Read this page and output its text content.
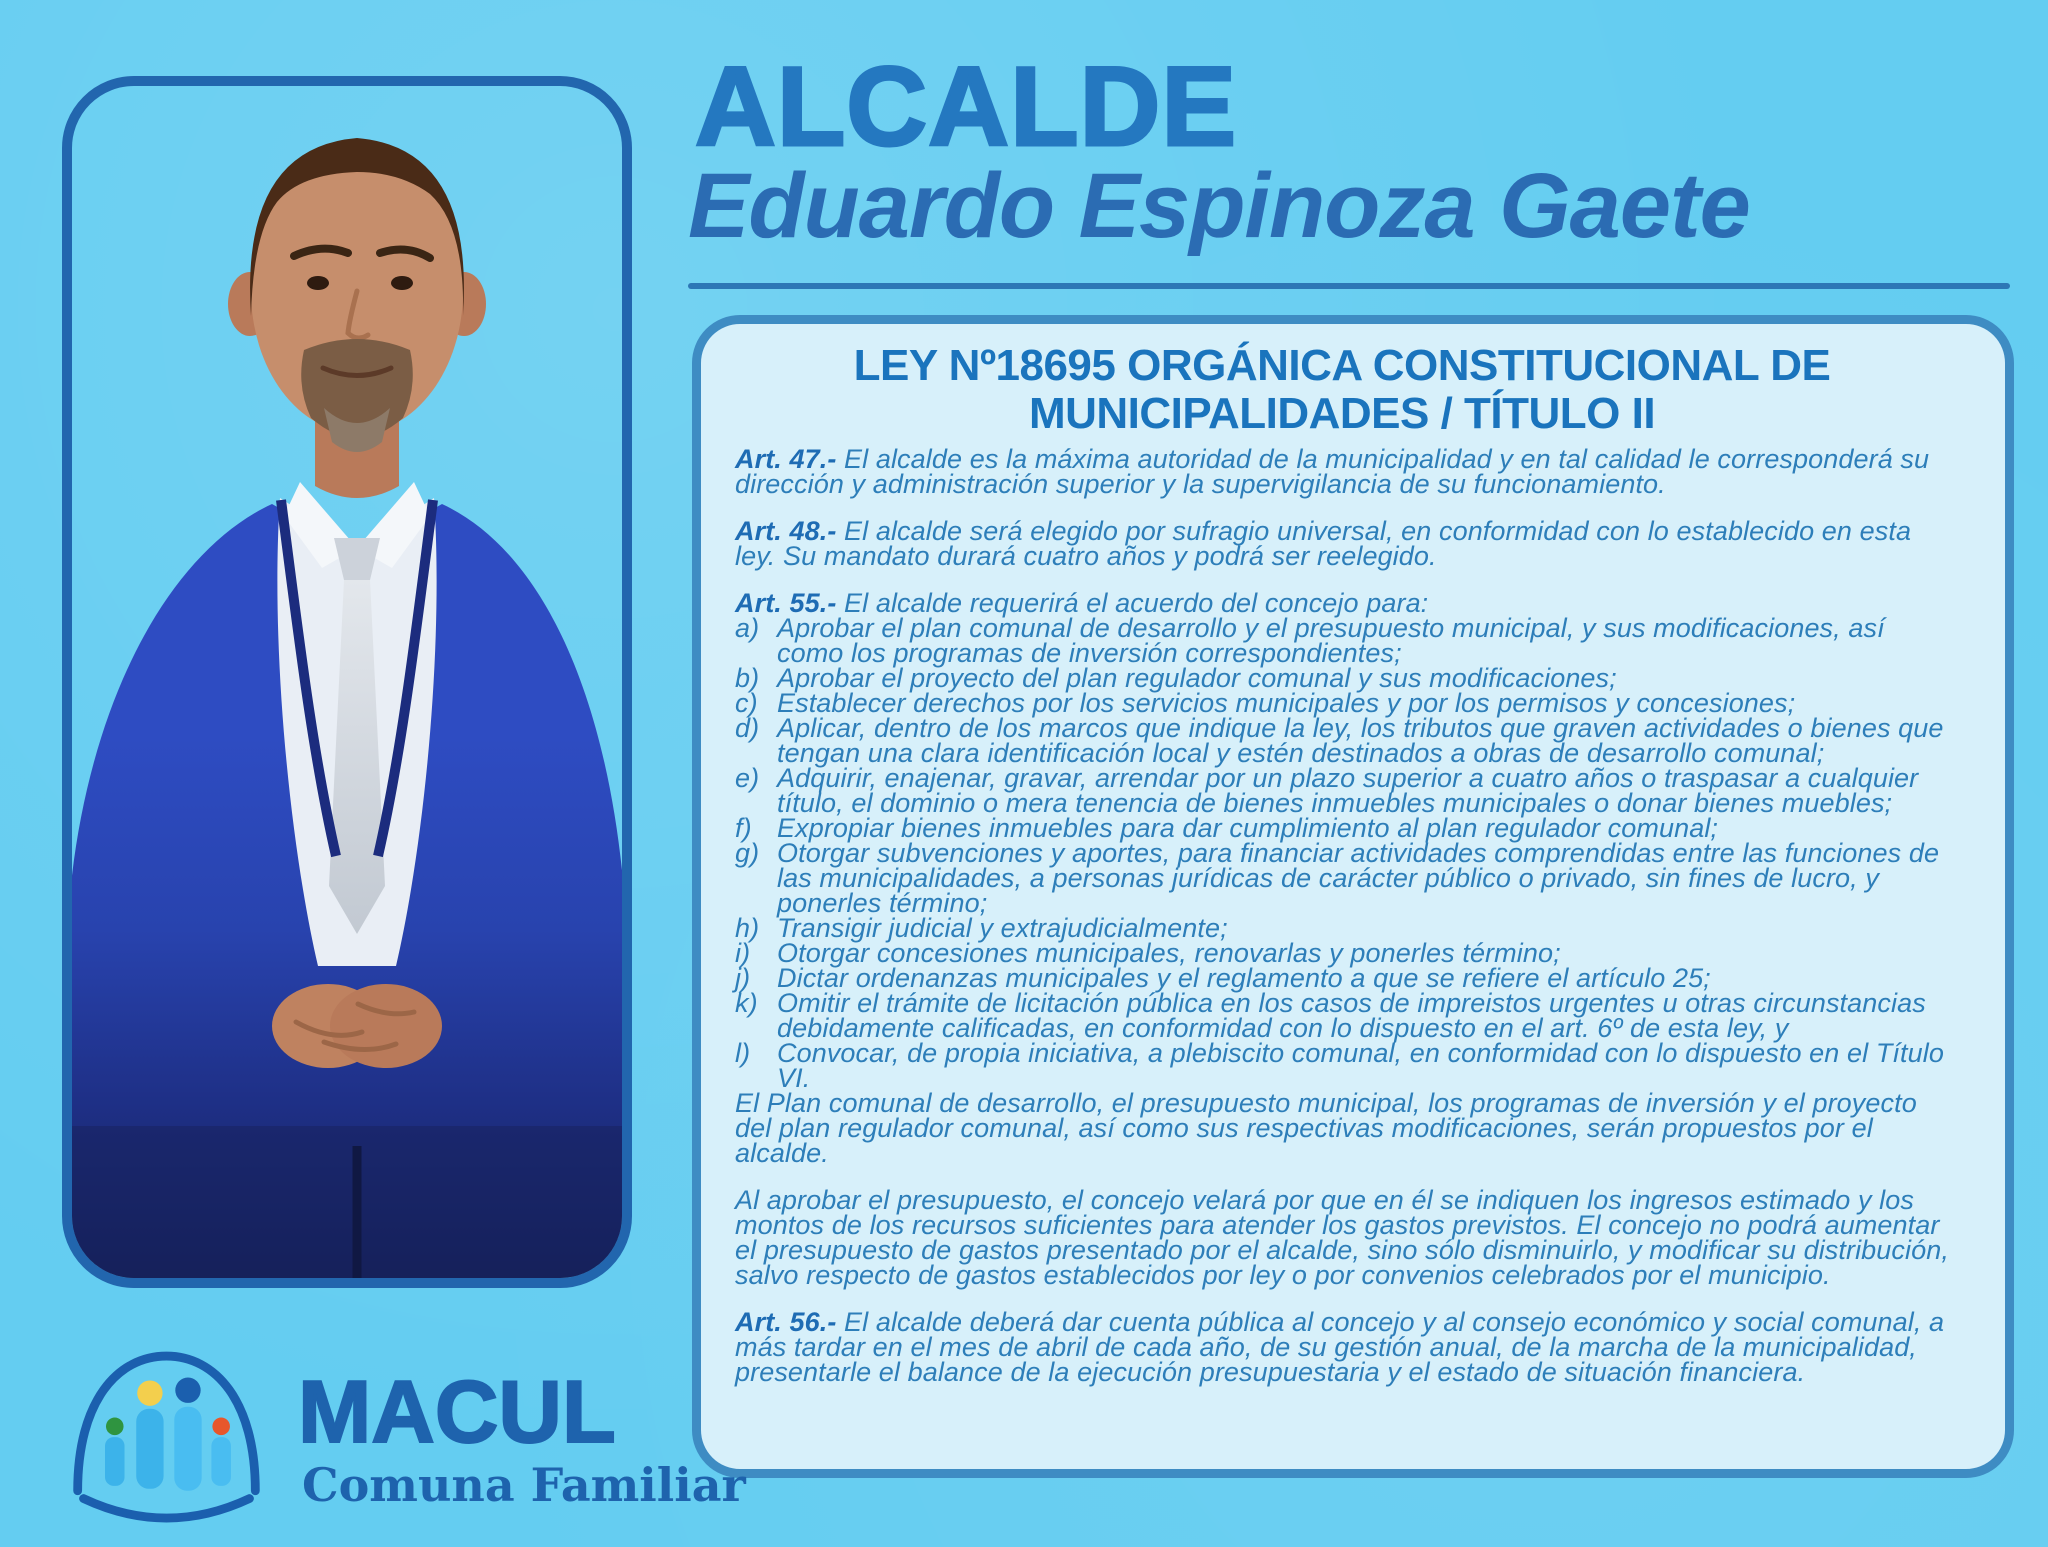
ALCALDE
Eduardo Espinoza Gaete
LEY Nº18695 ORGÁNICA CONSTITUCIONAL DE
MUNICIPALIDADES / TÍTULO II
Art. 47.- El alcalde es la máxima autoridad de la municipalidad y en tal calidad le corresponderá su dirección y administración superior y la supervigilancia de su funcionamiento.
Art. 48.- El alcalde será elegido por sufragio universal, en conformidad con lo establecido en esta ley. Su mandato durará cuatro años y podrá ser reelegido.
Art. 55.- El alcalde requerirá el acuerdo del concejo para:
a) Aprobar el plan comunal de desarrollo y el presupuesto municipal, y sus modificaciones, así como los programas de inversión correspondientes;
b) Aprobar el proyecto del plan regulador comunal y sus modificaciones;
c) Establecer derechos por los servicios municipales y por los permisos y concesiones;
d) Aplicar, dentro de los marcos que indique la ley, los tributos que graven actividades o bienes que tengan una clara identificación local y estén destinados a obras de desarrollo comunal;
e) Adquirir, enajenar, gravar, arrendar por un plazo superior a cuatro años o traspasar a cualquier título, el dominio o mera tenencia de bienes inmuebles municipales o donar bienes muebles;
f) Expropiar bienes inmuebles para dar cumplimiento al plan regulador comunal;
g) Otorgar subvenciones y aportes, para financiar actividades comprendidas entre las funciones de las municipalidades, a personas jurídicas de carácter público o privado, sin fines de lucro, y ponerles término;
h) Transigir judicial y extrajudicialmente;
i) Otorgar concesiones municipales, renovarlas y ponerles término;
j) Dictar ordenanzas municipales y el reglamento a que se refiere el artículo 25;
k) Omitir el trámite de licitación pública en los casos de impreistos urgentes u otras circunstancias debidamente calificadas, en conformidad con lo dispuesto en el art. 6º de esta ley, y
l) Convocar, de propia iniciativa, a plebiscito comunal, en conformidad con lo dispuesto en el Título VI.
El Plan comunal de desarrollo, el presupuesto municipal, los programas de inversión y el proyecto del plan regulador comunal, así como sus respectivas modificaciones, serán propuestos por el alcalde.
Al aprobar el presupuesto, el concejo velará por que en él se indiquen los ingresos estimado y los montos de los recursos suficientes para atender los gastos previstos. El concejo no podrá aumentar el presupuesto de gastos presentado por el alcalde, sino sólo disminuirlo, y modificar su distribución, salvo respecto de gastos establecidos por ley o por convenios celebrados por el municipio.
Art. 56.- El alcalde deberá dar cuenta pública al concejo y al consejo económico y social comunal, a más tardar en el mes de abril de cada año, de su gestión anual, de la marcha de la municipalidad, presentarle el balance de la ejecución presupuestaria y el estado de situación financiera.

MACUL

Comuna Familiar
